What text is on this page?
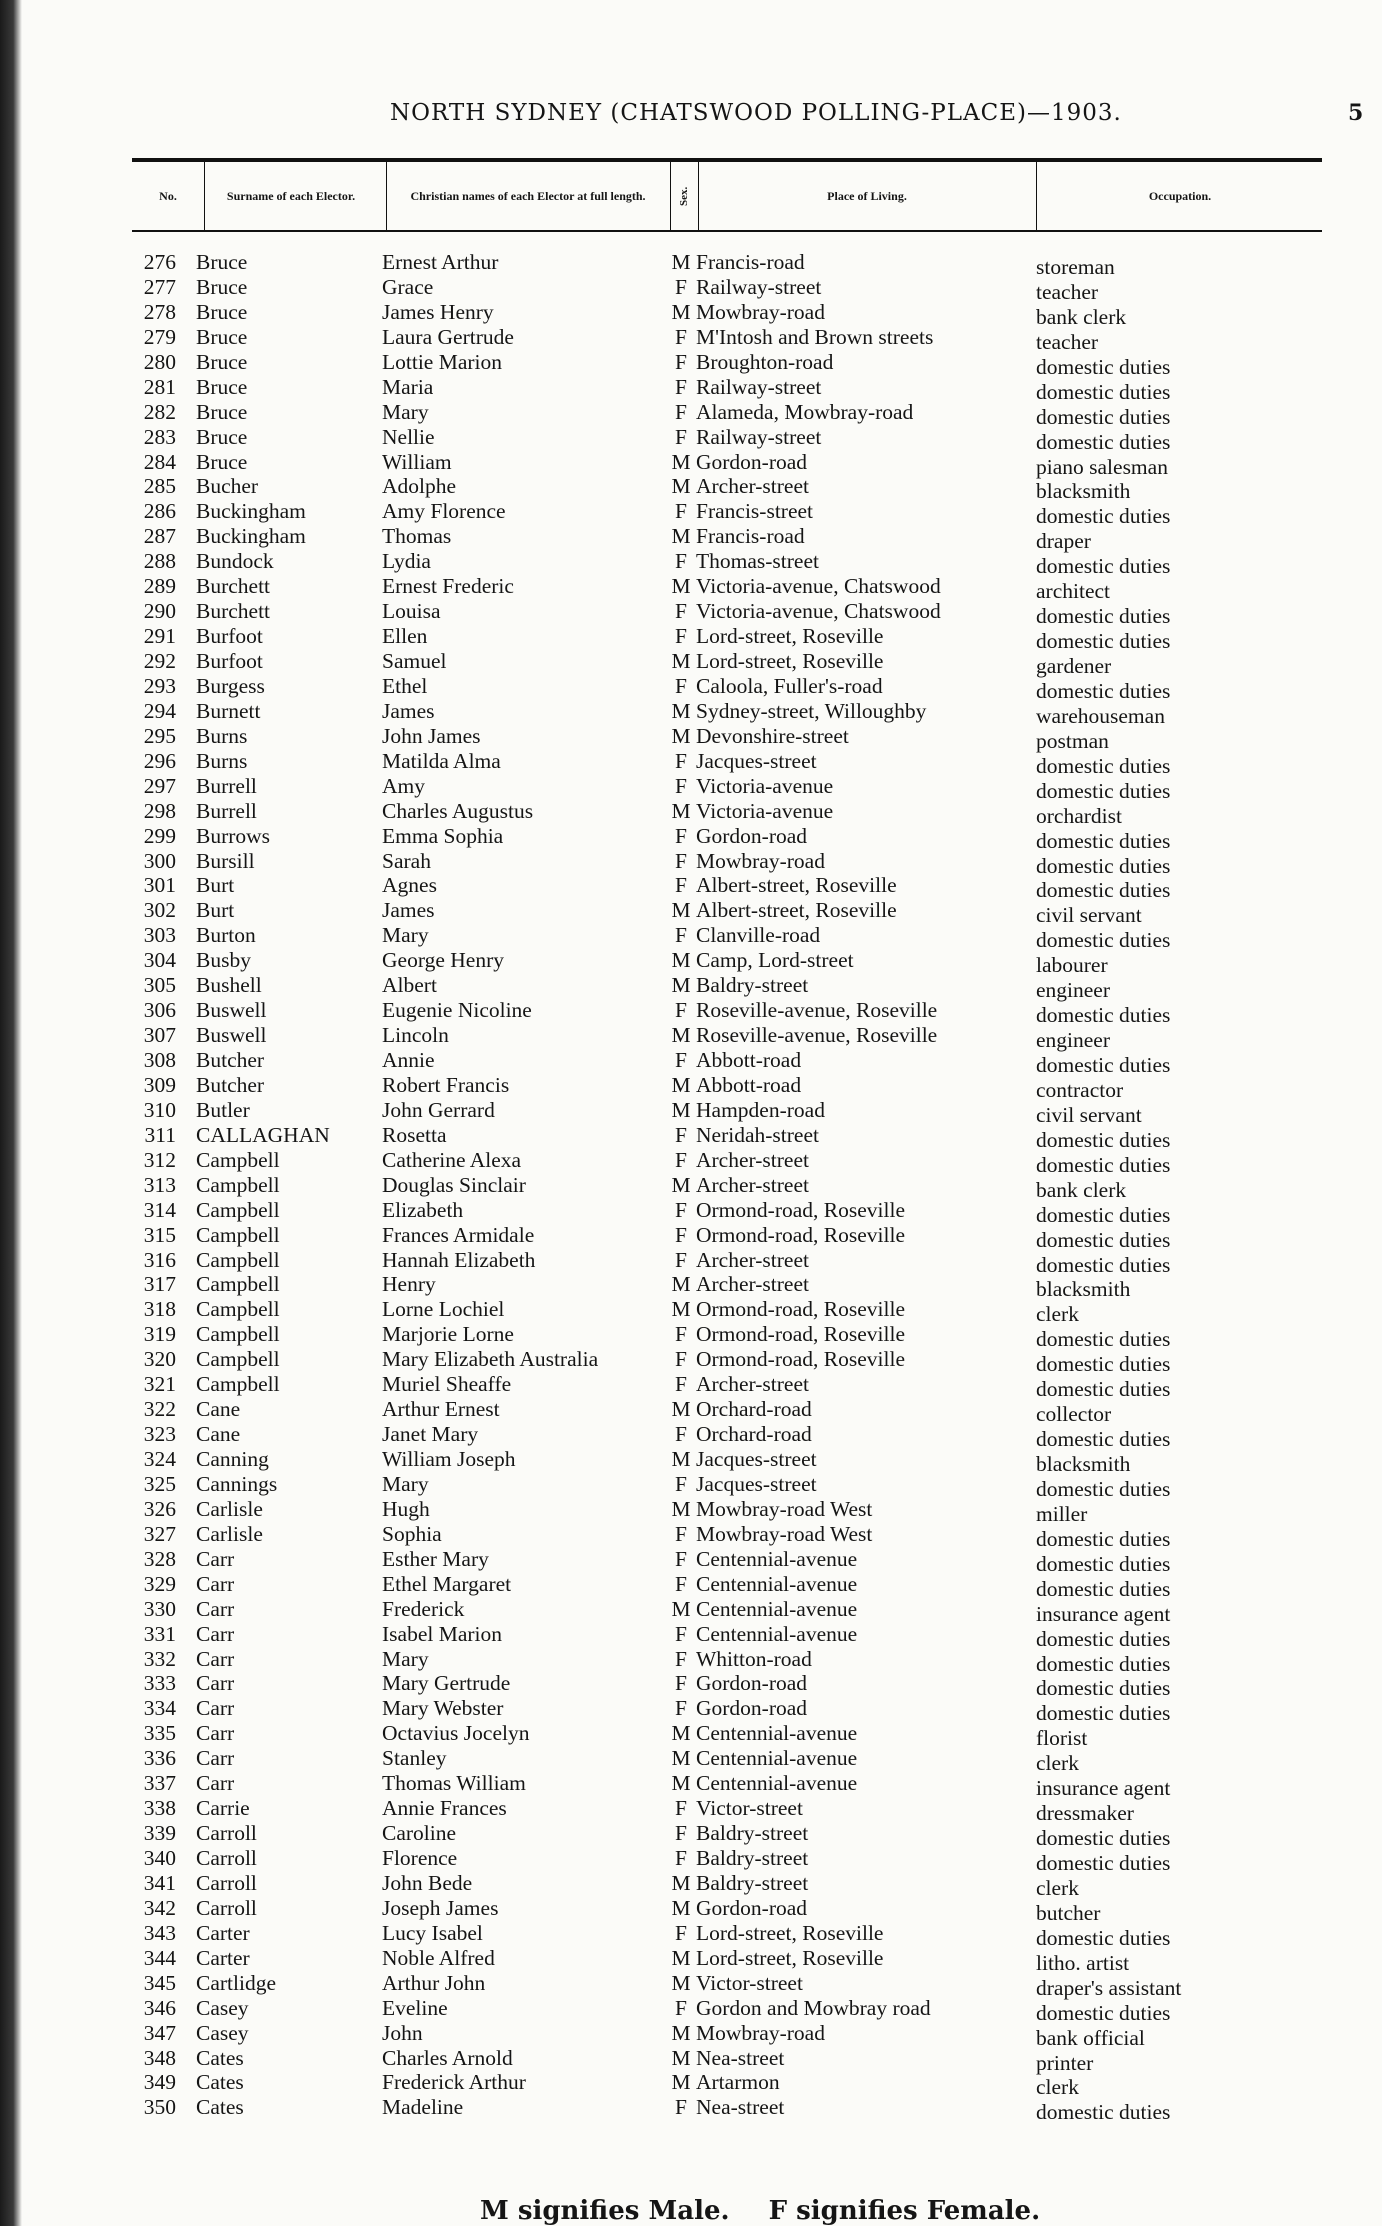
NORTH SYDNEY (CHATSWOOD POLLING-PLACE)—1903.	5
No.	Surname of each Elector.	Christian names of each Elector at full length.	Sex.	Place of Living.	Occupation.
276 Bruce	Ernest Arthur	M Francis-road	storeman
277 Bruce	Grace	F Railway-street	teacher
278 Bruce	James Henry	M Mowbray-road	bank clerk
279 Bruce	Laura Gertrude	F M'Intosh and Brown streets	teacher
280 Bruce	Lottie Marion	F Broughton-road	domestic duties
281 Bruce	Maria	F Railway-street	domestic duties
282 Bruce	Mary	F Alameda, Mowbray-road	domestic duties
283 Bruce	Nellie	F Railway-street	domestic duties
284 Bruce	William	M Gordon-road	piano salesman
285 Bucher	Adolphe	M Archer-street	blacksmith
286 Buckingham	Amy Florence	F Francis-street	domestic duties
287 Buckingham	Thomas	M Francis-road	draper
288 Bundock	Lydia	F Thomas-street	domestic duties
289 Burchett	Ernest Frederic	M Victoria-avenue, Chatswood	architect
290 Burchett	Louisa	F Victoria-avenue, Chatswood	domestic duties
291 Burfoot	Ellen	F Lord-street, Roseville	domestic duties
292 Burfoot	Samuel	M Lord-street, Roseville	gardener
293 Burgess	Ethel	F Caloola, Fuller's-road	domestic duties
294 Burnett	James	M Sydney-street, Willoughby	warehouseman
295 Burns	John James	M Devonshire-street	postman
296 Burns	Matilda Alma	F Jacques-street	domestic duties
297 Burrell	Amy	F Victoria-avenue	domestic duties
298 Burrell	Charles Augustus	M Victoria-avenue	orchardist
299 Burrows	Emma Sophia	F Gordon-road	domestic duties
300 Bursill	Sarah	F Mowbray-road	domestic duties
301 Burt	Agnes	F Albert-street, Roseville	domestic duties
302 Burt	James	M Albert-street, Roseville	civil servant
303 Burton	Mary	F Clanville-road	domestic duties
304 Busby	George Henry	M Camp, Lord-street	labourer
305 Bushell	Albert	M Baldry-street	engineer
306 Buswell	Eugenie Nicoline	F Roseville-avenue, Roseville	domestic duties
307 Buswell	Lincoln	M Roseville-avenue, Roseville	engineer
308 Butcher	Annie	F Abbott-road	domestic duties
309 Butcher	Robert Francis	M Abbott-road	contractor
310 Butler	John Gerrard	M Hampden-road	civil servant
311 CALLAGHAN	Rosetta	F Neridah-street	domestic duties
312 Campbell	Catherine Alexa	F Archer-street	domestic duties
313 Campbell	Douglas Sinclair	M Archer-street	bank clerk
314 Campbell	Elizabeth	F Ormond-road, Roseville	domestic duties
315 Campbell	Frances Armidale	F Ormond-road, Roseville	domestic duties
316 Campbell	Hannah Elizabeth	F Archer-street	domestic duties
317 Campbell	Henry	M Archer-street	blacksmith
318 Campbell	Lorne Lochiel	M Ormond-road, Roseville	clerk
319 Campbell	Marjorie Lorne	F Ormond-road, Roseville	domestic duties
320 Campbell	Mary Elizabeth Australia	F Ormond-road, Roseville	domestic duties
321 Campbell	Muriel Sheaffe	F Archer-street	domestic duties
322 Cane	Arthur Ernest	M Orchard-road	collector
323 Cane	Janet Mary	F Orchard-road	domestic duties
324 Canning	William Joseph	M Jacques-street	blacksmith
325 Cannings	Mary	F Jacques-street	domestic duties
326 Carlisle	Hugh	M Mowbray-road West	miller
327 Carlisle	Sophia	F Mowbray-road West	domestic duties
328 Carr	Esther Mary	F Centennial-avenue	domestic duties
329 Carr	Ethel Margaret	F Centennial-avenue	domestic duties
330 Carr	Frederick	M Centennial-avenue	insurance agent
331 Carr	Isabel Marion	F Centennial-avenue	domestic duties
332 Carr	Mary	F Whitton-road	domestic duties
333 Carr	Mary Gertrude	F Gordon-road	domestic duties
334 Carr	Mary Webster	F Gordon-road	domestic duties
335 Carr	Octavius Jocelyn	M Centennial-avenue	florist
336 Carr	Stanley	M Centennial-avenue	clerk
337 Carr	Thomas William	M Centennial-avenue	insurance agent
338 Carrie	Annie Frances	F Victor-street	dressmaker
339 Carroll	Caroline	F Baldry-street	domestic duties
340 Carroll	Florence	F Baldry-street	domestic duties
341 Carroll	John Bede	M Baldry-street	clerk
342 Carroll	Joseph James	M Gordon-road	butcher
343 Carter	Lucy Isabel	F Lord-street, Roseville	domestic duties
344 Carter	Noble Alfred	M Lord-street, Roseville	litho. artist
345 Cartlidge	Arthur John	M Victor-street	draper's assistant
346 Casey	Eveline	F Gordon and Mowbray road	domestic duties
347 Casey	John	M Mowbray-road	bank official
348 Cates	Charles Arnold	M Nea-street	printer
349 Cates	Frederick Arthur	M Artarmon	clerk
350 Cates	Madeline	F Nea-street	domestic duties
M signifies Male. F signifies Female.
